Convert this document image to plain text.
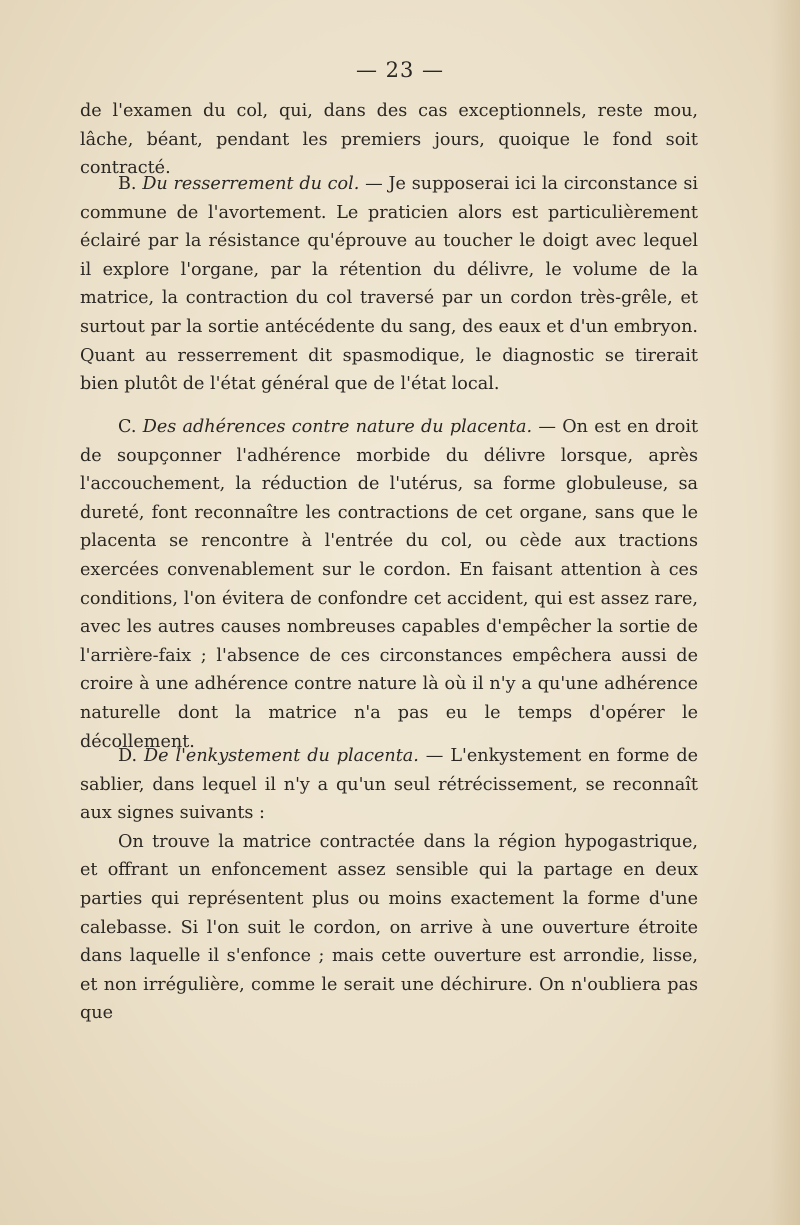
— 23 —

de l'examen du col, qui, dans des cas exceptionnels, reste mou, lâche, béant, pendant les premiers jours, quoique le fond soit contracté.

B. Du resserrement du col. — Je supposerai ici la circonstance si commune de l'avortement. Le praticien alors est particulièrement éclairé par la résistance qu'éprouve au toucher le doigt avec lequel il explore l'organe, par la rétention du délivre, le volume de la matrice, la contraction du col traversé par un cordon très-grêle, et surtout par la sortie antécédente du sang, des eaux et d'un embryon. Quant au resserrement dit spasmodique, le diagnostic se tirerait bien plutôt de l'état général que de l'état local.

C. Des adhérences contre nature du placenta. — On est en droit de soupçonner l'adhérence morbide du délivre lorsque, après l'accouchement, la réduction de l'utérus, sa forme globuleuse, sa dureté, font reconnaître les contractions de cet organe, sans que le placenta se rencontre à l'entrée du col, ou cède aux tractions exercées convenablement sur le cordon. En faisant attention à ces conditions, l'on évitera de confondre cet accident, qui est assez rare, avec les autres causes nombreuses capables d'empêcher la sortie de l'arrière-faix ; l'absence de ces circonstances empêchera aussi de croire à une adhérence contre nature là où il n'y a qu'une adhérence naturelle dont la matrice n'a pas eu le temps d'opérer le décollement.

D. De l'enkystement du placenta. — L'enkystement en forme de sablier, dans lequel il n'y a qu'un seul rétrécissement, se reconnaît aux signes suivants :

On trouve la matrice contractée dans la région hypogastrique, et offrant un enfoncement assez sensible qui la partage en deux parties qui représentent plus ou moins exactement la forme d'une calebasse. Si l'on suit le cordon, on arrive à une ouverture étroite dans laquelle il s'enfonce ; mais cette ouverture est arrondie, lisse, et non irrégulière, comme le serait une déchirure. On n'oubliera pas que
